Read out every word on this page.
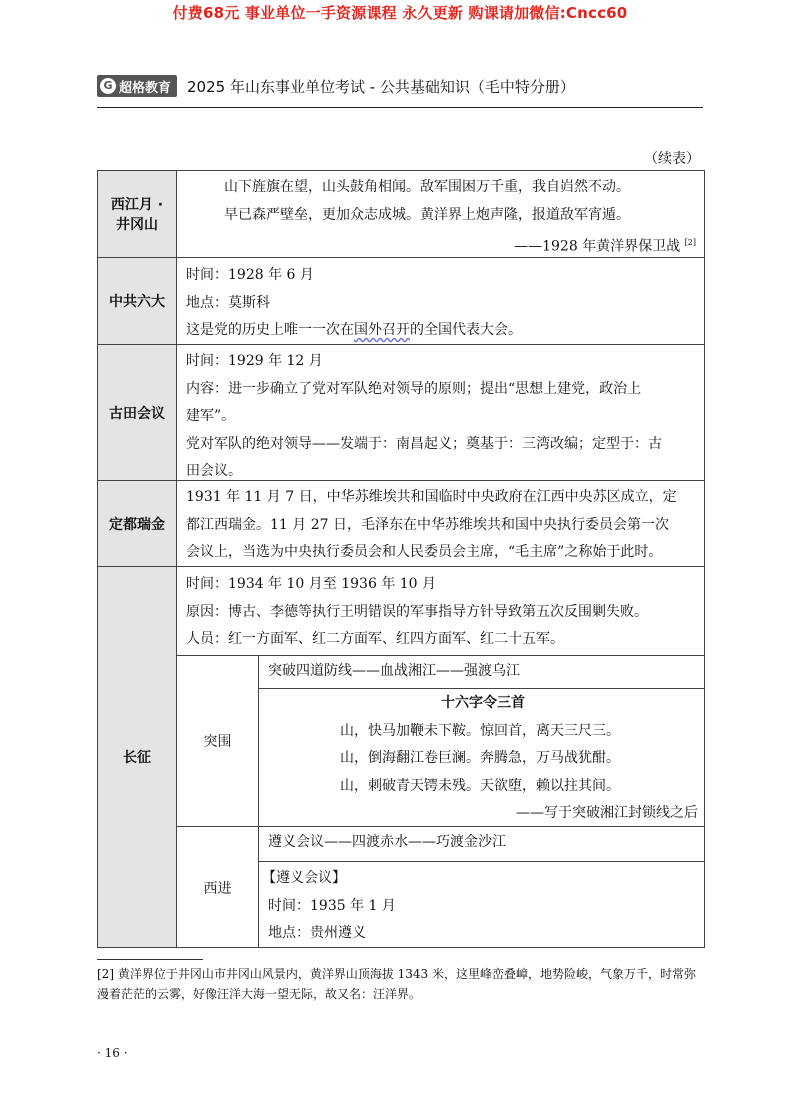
付费68元 事业单位一手资源课程 永久更新 购课请加微信:Cncc60
G 超格教育 2025 年山东事业单位考试 - 公共基础知识（毛中特分册）
（续表）
西江月 ·
井冈山
山下旌旗在望，山头鼓角相闻。敌军围困万千重，我自岿然不动。
早已森严壁垒，更加众志成城。黄洋界上炮声隆，报道敌军宵遁。
——1928 年黄洋界保卫战 [2]
中共六大
时间：1928 年 6 月
地点：莫斯科
这是党的历史上唯一一次在国外召开的全国代表大会。
古田会议
时间：1929 年 12 月
内容：进一步确立了党对军队绝对领导的原则；提出“思想上建党，政治上
建军”。
党对军队的绝对领导——发端于：南昌起义；奠基于：三湾改编；定型于：古
田会议。
定都瑞金
1931 年 11 月 7 日，中华苏维埃共和国临时中央政府在江西中央苏区成立，定
都江西瑞金。11 月 27 日，毛泽东在中华苏维埃共和国中央执行委员会第一次
会议上，当选为中央执行委员会和人民委员会主席，“毛主席”之称始于此时。
长征
时间：1934 年 10 月至 1936 年 10 月
原因：博古、李德等执行王明错误的军事指导方针导致第五次反围剿失败。
人员：红一方面军、红二方面军、红四方面军、红二十五军。
突围
突破四道防线——血战湘江——强渡乌江
十六字令三首
山，快马加鞭未下鞍。惊回首，离天三尺三。
山，倒海翻江卷巨澜。奔腾急，万马战犹酣。
山，刺破青天锷未残。天欲堕，赖以拄其间。
——写于突破湘江封锁线之后
西进
遵义会议——四渡赤水——巧渡金沙江
【遵义会议】
时间：1935 年 1 月
地点：贵州遵义
[2] 黄洋界位于井冈山市井冈山风景内，黄洋界山顶海拔 1343 米，这里峰峦叠嶂，地势险峻，气象万千，时常弥漫着茫茫的云雾，好像汪洋大海一望无际，故又名：汪洋界。
· 16 ·
